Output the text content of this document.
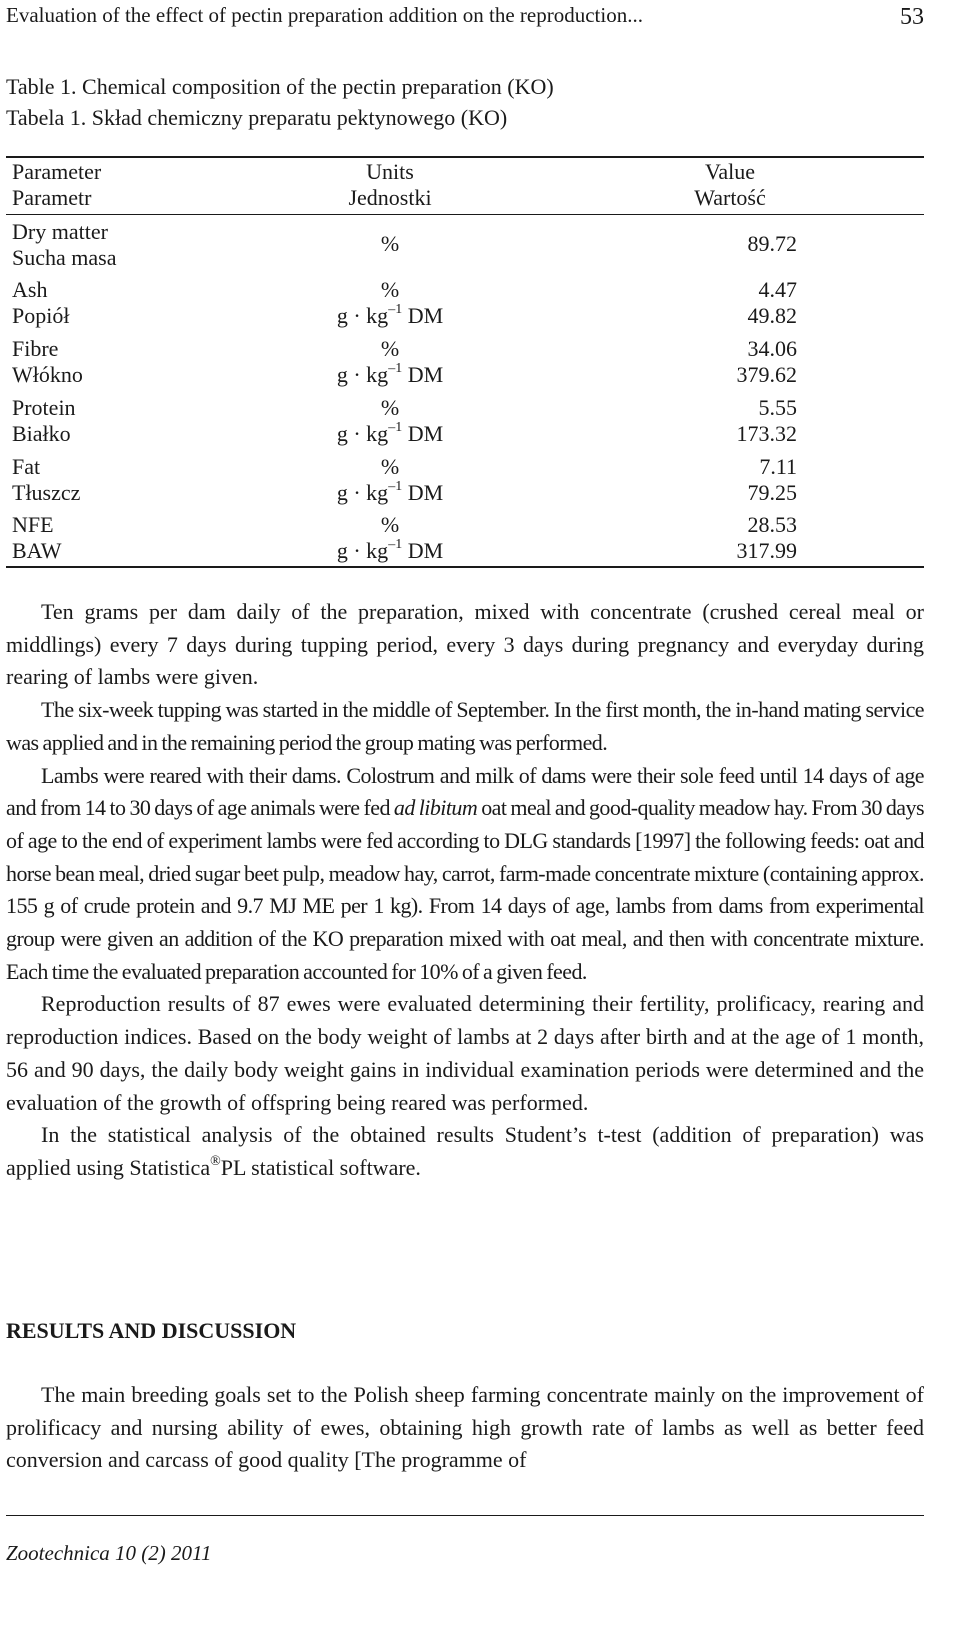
Evaluation of the effect of pectin preparation addition on the reproduction...	53
Table 1. Chemical composition of the pectin preparation (KO)
Tabela 1. Skład chemiczny preparatu pektynowego (KO)
Parameter
Parametr
Units
Jednostki
Value
Wartość
Dry matter
Sucha masa
%	89.72
Ash
Popiół
%
$g \cdot kg^{-1}$ DM
4.47
49.82
Fibre
Włókno
%
$g \cdot kg^{-1}$ DM
34.06
379.62
Protein
Białko
%
$g \cdot kg^{-1}$ DM
5.55
173.32
Fat
Tłuszcz
%
$g \cdot kg^{-1}$ DM
7.11
79.25
NFE
BAW
%
$g \cdot kg^{-1}$ DM
28.53
317.99

Ten grams per dam daily of the preparation, mixed with concentrate (crushed cereal meal or middlings) every 7 days during tupping period, every 3 days during pregnancy and everyday during rearing of lambs were given.

The six-week tupping was started in the middle of September. In the first month, the in-hand mating service was applied and in the remaining period the group mating was performed.

Lambs were reared with their dams. Colostrum and milk of dams were their sole feed until 14 days of age and from 14 to 30 days of age animals were fed ad libitum oat meal and good-quality meadow hay. From 30 days of age to the end of experiment lambs were fed according to DLG standards [1997] the following feeds: oat and horse bean meal, dried sugar beet pulp, meadow hay, carrot, farm-made concentrate mixture (containing approx. 155 g of crude protein and 9.7 MJ ME per 1 kg). From 14 days of age, lambs from dams from experimental group were given an addition of the KO preparation mixed with oat meal, and then with concentrate mixture. Each time the evaluated preparation accounted for 10% of a given feed.

Reproduction results of 87 ewes were evaluated determining their fertility, prolificacy, rearing and reproduction indices. Based on the body weight of lambs at 2 days after birth and at the age of 1 month, 56 and 90 days, the daily body weight gains in individual examination periods were determined and the evaluation of the growth of offspring being reared was performed.

In the statistical analysis of the obtained results Student’s t-test (addition of preparation) was applied using Statistica®PL statistical software.

RESULTS AND DISCUSSION

The main breeding goals set to the Polish sheep farming concentrate mainly on the improvement of prolificacy and nursing ability of ewes, obtaining high growth rate of lambs as well as better feed conversion and carcass of good quality [The programme of

Zootechnica 10 (2) 2011
